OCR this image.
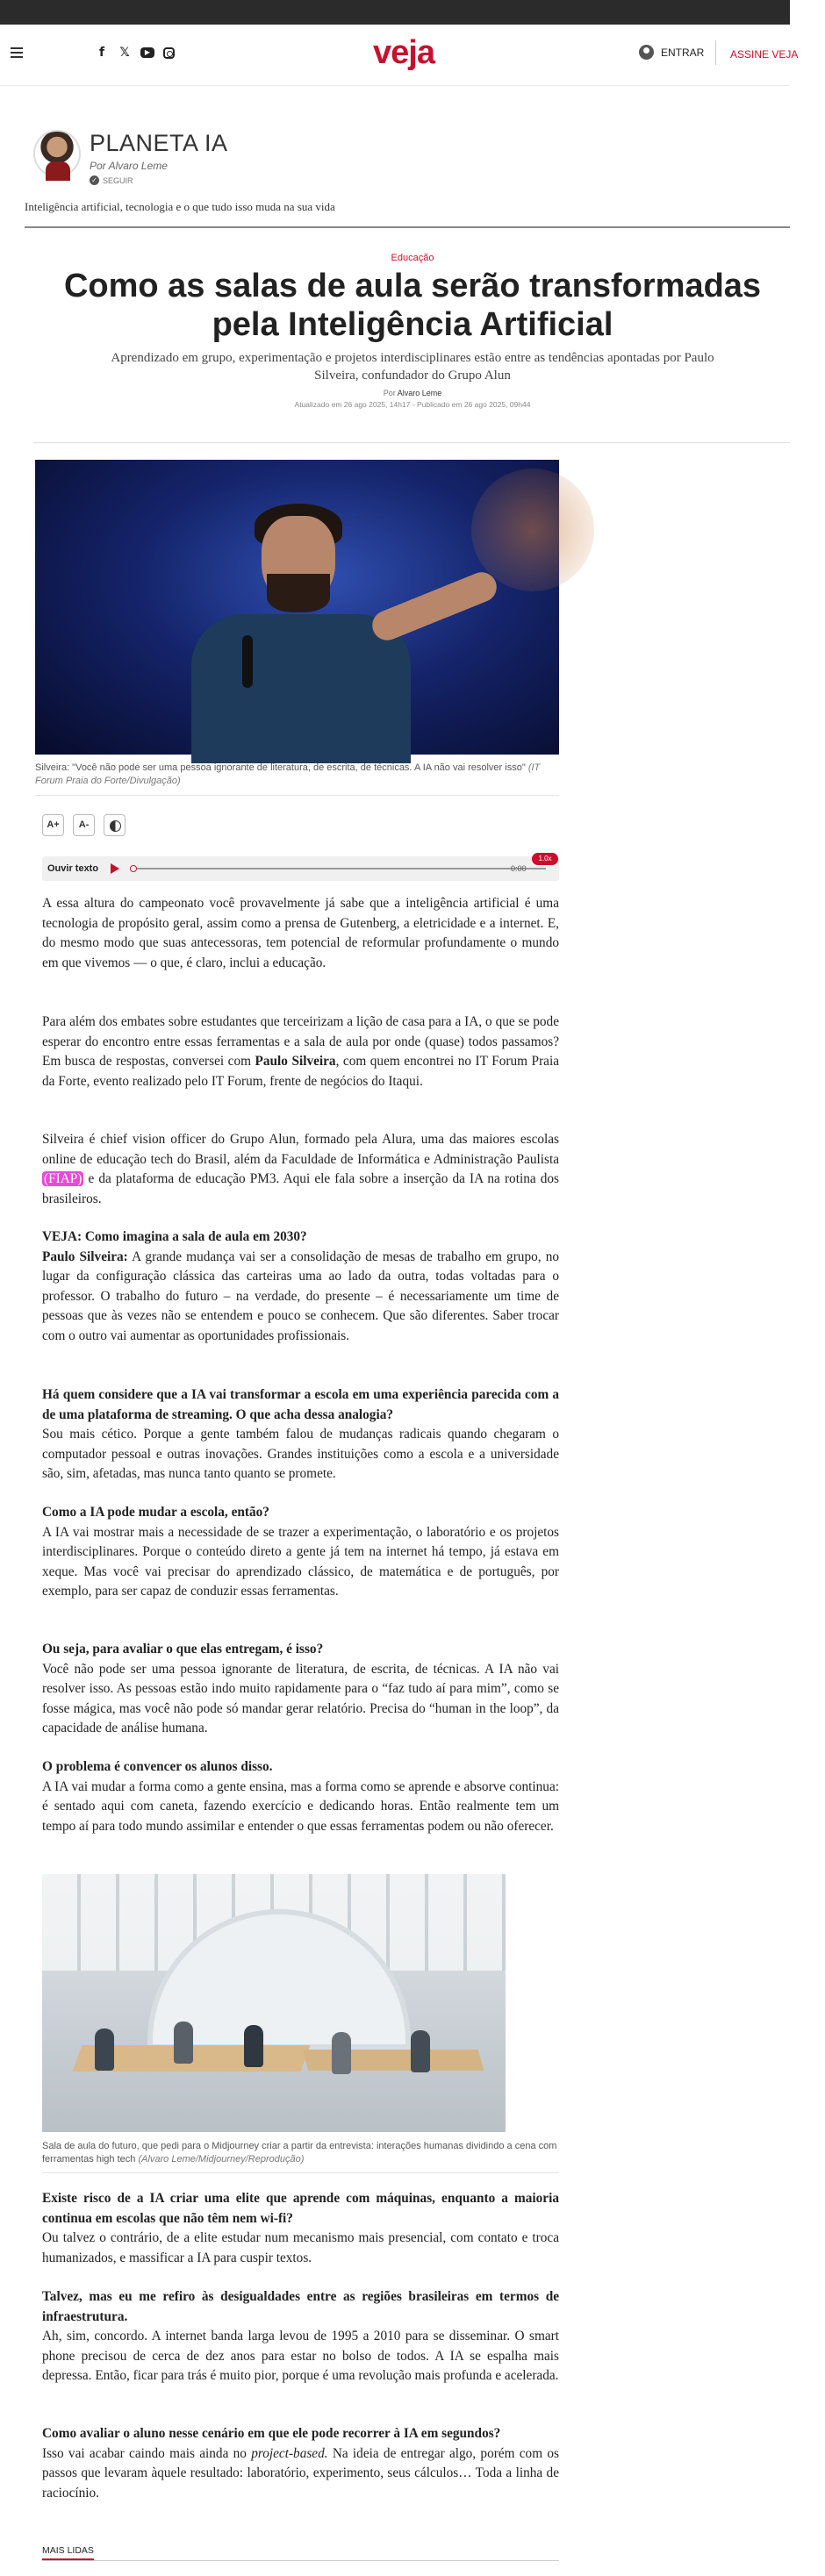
f	𝕏	▶	veja	ENTRAR ASSINE VEJA
PLANETA IA
Por Alvaro Leme
✓ SEGUIR
Inteligência artificial, tecnologia e o que tudo isso muda na sua vida
Educação
Como as salas de aula serão transformadas pela Inteligência Artificial

Aprendizado em grupo, experimentação e projetos interdisciplinares estão entre as tendências apontadas por Paulo Silveira, confundador do Grupo Alun

Por Alvaro Leme
Atualizado em 26 ago 2025, 14h17 - Publicado em 26 ago 2025, 09h44
Silveira: "Você não pode ser uma pessoa ignorante de literatura, de escrita, de técnicas. A IA não vai resolver isso" (IT Forum Praia do Forte/Divulgação)
A+	A-
Ouvir texto	0:00
1.0x

A essa altura do campeonato você provavelmente já sabe que a inteligência artificial é uma tecnologia de propósito geral, assim como a prensa de Gutenberg, a eletricidade e a internet. E, do mesmo modo que suas antecessoras, tem potencial de reformular profundamente o mundo em que vivemos — o que, é claro, inclui a educação.

Para além dos embates sobre estudantes que terceirizam a lição de casa para a IA, o que se pode esperar do encontro entre essas ferramentas e a sala de aula por onde (quase) todos passamos? Em busca de respostas, conversei com Paulo Silveira, com quem encontrei no IT Forum Praia da Forte, evento realizado pelo IT Forum, frente de negócios do Itaqui.

Silveira é chief vision officer do Grupo Alun, formado pela Alura, uma das maiores escolas online de educação tech do Brasil, além da Faculdade de Informática e Administração Paulista (FIAP) e da plataforma de educação PM3. Aqui ele fala sobre a inserção da IA na rotina dos brasileiros.

VEJA: Como imagina a sala de aula em 2030?
Paulo Silveira: A grande mudança vai ser a consolidação de mesas de trabalho em grupo, no lugar da configuração clássica das carteiras uma ao lado da outra, todas voltadas para o professor. O trabalho do futuro – na verdade, do presente – é necessariamente um time de pessoas que às vezes não se entendem e pouco se conhecem. Que são diferentes. Saber trocar com o outro vai aumentar as oportunidades profissionais.

Há quem considere que a IA vai transformar a escola em uma experiência parecida com a de uma plataforma de streaming. O que acha dessa analogia?
Sou mais cético. Porque a gente também falou de mudanças radicais quando chegaram o computador pessoal e outras inovações. Grandes instituições como a escola e a universidade são, sim, afetadas, mas nunca tanto quanto se promete.

Como a IA pode mudar a escola, então?
A IA vai mostrar mais a necessidade de se trazer a experimentação, o laboratório e os projetos interdisciplinares. Porque o conteúdo direto a gente já tem na internet há tempo, já estava em xeque. Mas você vai precisar do aprendizado clássico, de matemática e de português, por exemplo, para ser capaz de conduzir essas ferramentas.

Ou seja, para avaliar o que elas entregam, é isso?
Você não pode ser uma pessoa ignorante de literatura, de escrita, de técnicas. A IA não vai resolver isso. As pessoas estão indo muito rapidamente para o “faz tudo aí para mim”, como se fosse mágica, mas você não pode só mandar gerar relatório. Precisa do “human in the loop”, da capacidade de análise humana.

O problema é convencer os alunos disso.
A IA vai mudar a forma como a gente ensina, mas a forma como se aprende e absorve continua: é sentado aqui com caneta, fazendo exercício e dedicando horas. Então realmente tem um tempo aí para todo mundo assimilar e entender o que essas ferramentas podem ou não oferecer.

Sala de aula do futuro, que pedi para o Midjourney criar a partir da entrevista: interações humanas dividindo a cena com ferramentas high tech (Alvaro Leme/Midjourney/Reprodução)

Existe risco de a IA criar uma elite que aprende com máquinas, enquanto a maioria continua em escolas que não têm nem wi-fi?
Ou talvez o contrário, de a elite estudar num mecanismo mais presencial, com contato e troca humanizados, e massificar a IA para cuspir textos.

Talvez, mas eu me refiro às desigualdades entre as regiões brasileiras em termos de infraestrutura.
Ah, sim, concordo. A internet banda larga levou de 1995 a 2010 para se disseminar. O smart phone precisou de cerca de dez anos para estar no bolso de todos. A IA se espalha mais depressa. Então, ficar para trás é muito pior, porque é uma revolução mais profunda e acelerada.

Como avaliar o aluno nesse cenário em que ele pode recorrer à IA em segundos?
Isso vai acabar caindo mais ainda no project-based. Na ideia de entregar algo, porém com os passos que levaram àquele resultado: laboratório, experimento, seus cálculos… Toda a linha de raciocínio.

MAIS LIDAS
